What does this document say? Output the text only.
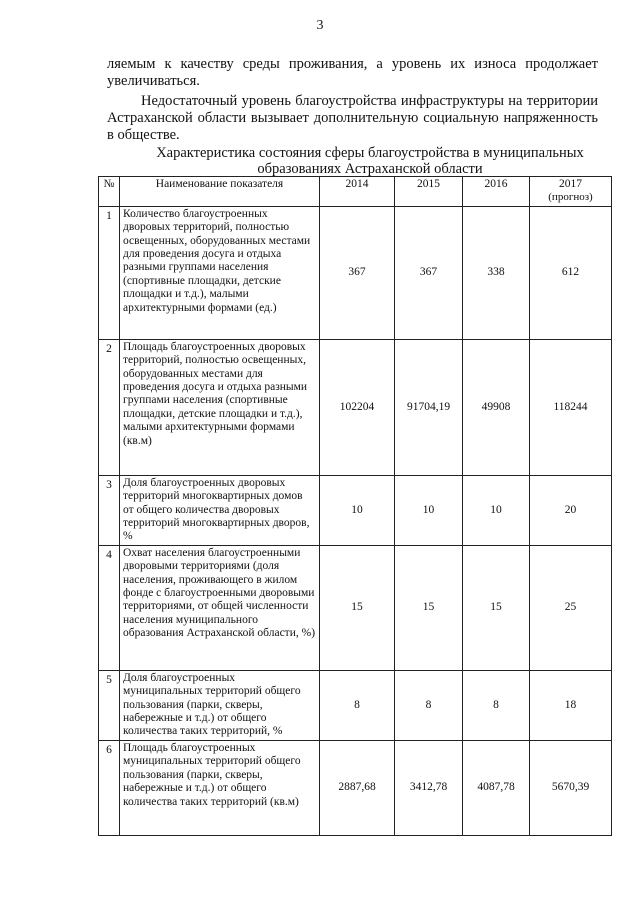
3

ляемым к качеству среды проживания, а уровень их износа продолжает увеличиваться.

Недостаточный уровень благоустройства инфраструктуры на территории Астраханской области вызывает дополнительную социальную напряженность в обществе.

Характеристика состояния сферы благоустройства в муниципальных образованиях Астраханской области

№	Наименование показателя	2014	2015	2016	2017
(прогноз)

1	Количество благоустроенных дворовых территорий, полностью освещенных, оборудованных местами для проведения досуга и отдыха разными группами населения (спортивные площадки, детские площадки и т.д.), малыми архитектурными формами (ед.)	367	367	338	612
2	Площадь благоустроенных дворовых территорий, полностью освещенных, оборудованных местами для проведения досуга и отдыха разными группами населения (спортивные площадки, детские площадки и т.д.), малыми архитектурными формами (кв.м)	102204	91704,19	49908	118244
3	Доля благоустроенных дворовых территорий многоквартирных домов от общего количества дворовых территорий многоквартирных дворов, %	10	10	10	20
4	Охват населения благоустроенными дворовыми территориями (доля населения, проживающего в жилом фонде с благоустроенными дворовыми территориями, от общей численности населения муниципального образования Астраханской области, %)	15	15	15	25
5	Доля благоустроенных муниципальных территорий общего пользования (парки, скверы, набережные и т.д.) от общего количества таких территорий, %	8	8	8	18
6	Площадь благоустроенных муниципальных территорий общего пользования (парки, скверы, набережные и т.д.) от общего количества таких территорий (кв.м)	2887,68	3412,78	4087,78	5670,39
